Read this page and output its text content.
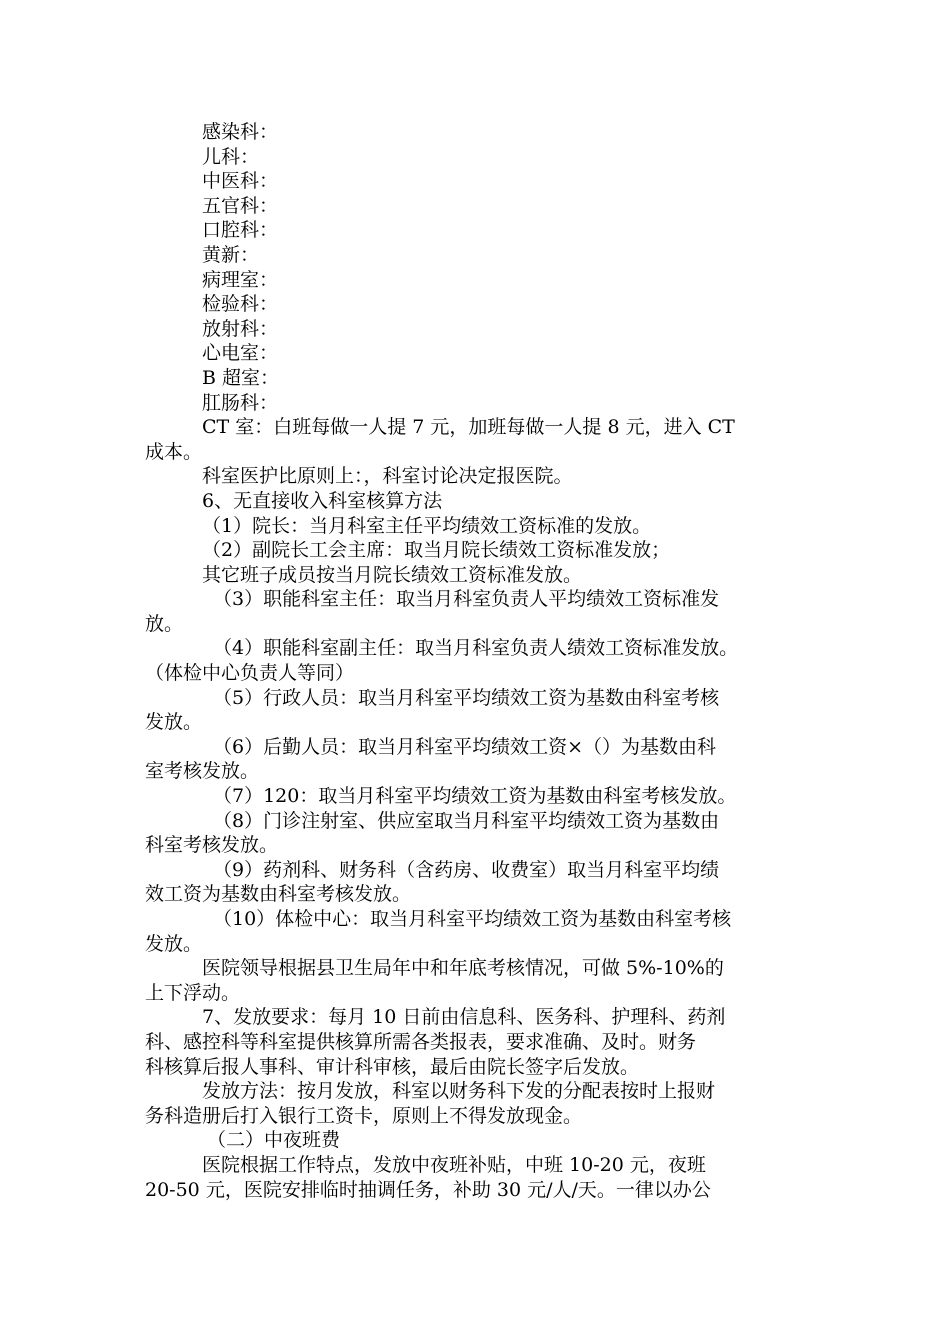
感染科：
儿科：
中医科：
五官科：
口腔科：
黄新：
病理室：
检验科：
放射科：
心电室：
B 超室：
肛肠科：
CT 室：白班每做一人提 7 元，加班每做一人提 8 元，进入 CT
成本。
科室医护比原则上：，科室讨论决定报医院。
6、无直接收入科室核算方法
（1）院长：当月科室主任平均绩效工资标准的发放。
（2）副院长工会主席：取当月院长绩效工资标准发放；
其它班子成员按当月院长绩效工资标准发放。
（3）职能科室主任：取当月科室负责人平均绩效工资标准发
放。
（4）职能科室副主任：取当月科室负责人绩效工资标准发放。
（体检中心负责人等同）
（5）行政人员：取当月科室平均绩效工资为基数由科室考核
发放。
（6）后勤人员：取当月科室平均绩效工资×（）为基数由科
室考核发放。
（7）120：取当月科室平均绩效工资为基数由科室考核发放。
（8）门诊注射室、供应室取当月科室平均绩效工资为基数由
科室考核发放。
（9）药剂科、财务科（含药房、收费室）取当月科室平均绩
效工资为基数由科室考核发放。
（10）体检中心：取当月科室平均绩效工资为基数由科室考核
发放。
医院领导根据县卫生局年中和年底考核情况，可做 5%-10%的
上下浮动。
7、发放要求：每月 10 日前由信息科、医务科、护理科、药剂
科、感控科等科室提供核算所需各类报表，要求准确、及时。财务
科核算后报人事科、审计科审核，最后由院长签字后发放。
发放方法：按月发放，科室以财务科下发的分配表按时上报财
务科造册后打入银行工资卡，原则上不得发放现金。
（二）中夜班费
医院根据工作特点，发放中夜班补贴，中班 10-20 元，夜班
20-50 元，医院安排临时抽调任务，补助 30 元/人/天。一律以办公
